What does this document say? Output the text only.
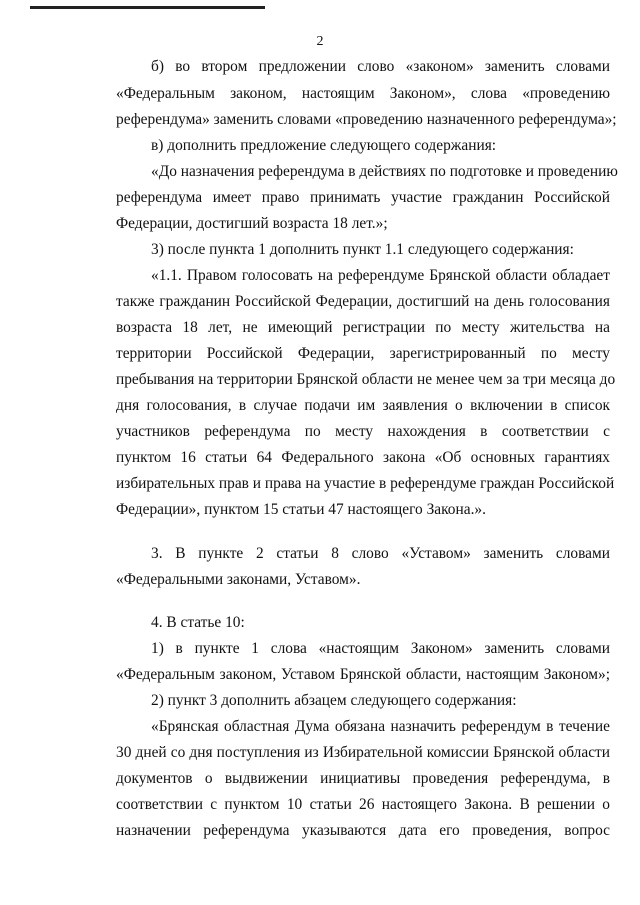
2
б) во втором предложении слово «законом» заменить словами
«Федеральным законом, настоящим Законом», слова «проведению
референдума» заменить словами «проведению назначенного референдума»;
в) дополнить предложение следующего содержания:
«До назначения референдума в действиях по подготовке и проведению
референдума имеет право принимать участие гражданин Российской
Федерации, достигший возраста 18 лет.»;
3) после пункта 1 дополнить пункт 1.1 следующего содержания:
«1.1. Правом голосовать на референдуме Брянской области обладает
также гражданин Российской Федерации, достигший на день голосования
возраста 18 лет, не имеющий регистрации по месту жительства на
территории Российской Федерации, зарегистрированный по месту
пребывания на территории Брянской области не менее чем за три месяца до
дня голосования, в случае подачи им заявления о включении в список
участников референдума по месту нахождения в соответствии с
пунктом 16 статьи 64 Федерального закона «Об основных гарантиях
избирательных прав и права на участие в референдуме граждан Российской
Федерации», пунктом 15 статьи 47 настоящего Закона.».
3. В пункте 2 статьи 8 слово «Уставом» заменить словами
«Федеральными законами, Уставом».
4. В статье 10:
1) в пункте 1 слова «настоящим Законом» заменить словами
«Федеральным законом, Уставом Брянской области, настоящим Законом»;
2) пункт 3 дополнить абзацем следующего содержания:
«Брянская областная Дума обязана назначить референдум в течение
30 дней со дня поступления из Избирательной комиссии Брянской области
документов о выдвижении инициативы проведения референдума, в
соответствии с пунктом 10 статьи 26 настоящего Закона. В решении о
назначении референдума указываются дата его проведения, вопрос
